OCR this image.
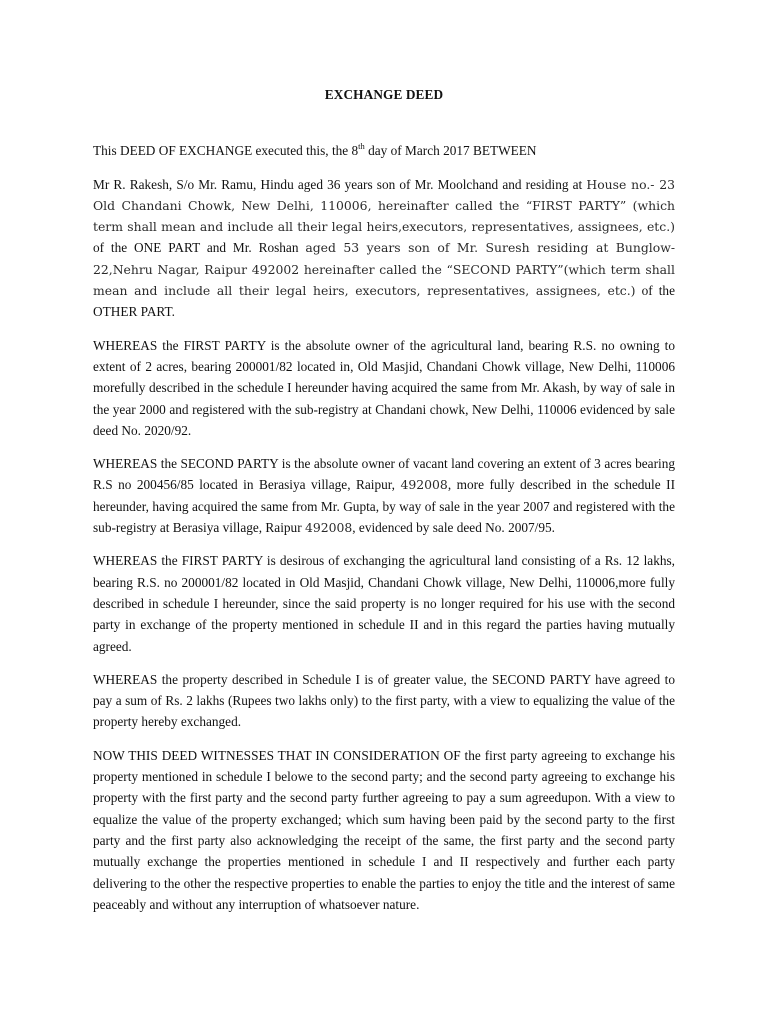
EXCHANGE DEED

This DEED OF EXCHANGE executed this, the 8th day of March 2017 BETWEEN

Mr R. Rakesh, S/o Mr. Ramu, Hindu aged 36 years son of Mr. Moolchand and residing at House no.- 23 Old Chandani Chowk, New Delhi, 110006, hereinafter called the “FIRST PARTY” (which term shall mean and include all their legal heirs,executors, representatives, assignees, etc.) of the ONE PART and Mr. Roshan aged 53 years son of Mr. Suresh residing at Bunglow-22,Nehru Nagar, Raipur 492002 hereinafter called the “SECOND PARTY”(which term shall mean and include all their legal heirs, executors, representatives, assignees, etc.) of the OTHER PART.

WHEREAS the FIRST PARTY is the absolute owner of the agricultural land, bearing R.S. no owning to extent of 2 acres, bearing 200001/82 located in, Old Masjid, Chandani Chowk village, New Delhi, 110006 morefully described in the schedule I hereunder having acquired the same from Mr. Akash, by way of sale in the year 2000 and registered with the sub-registry at Chandani chowk, New Delhi, 110006 evidenced by sale deed No. 2020/92.

WHEREAS the SECOND PARTY is the absolute owner of vacant land covering an extent of 3 acres bearing R.S no 200456/85 located in Berasiya village, Raipur, 492008, more fully described in the schedule II hereunder, having acquired the same from Mr. Gupta, by way of sale in the year 2007 and registered with the sub-registry at Berasiya village, Raipur 492008, evidenced by sale deed No. 2007/95.

WHEREAS the FIRST PARTY is desirous of exchanging the agricultural land consisting of a Rs. 12 lakhs, bearing R.S. no 200001/82 located in Old Masjid, Chandani Chowk village, New Delhi, 110006,more fully described in schedule I hereunder, since the said property is no longer required for his use with the second party in exchange of the property mentioned in schedule II and in this regard the parties having mutually agreed.

WHEREAS the property described in Schedule I is of greater value, the SECOND PARTY have agreed to pay a sum of Rs. 2 lakhs (Rupees two lakhs only) to the first party, with a view to equalizing the value of the property hereby exchanged.

NOW THIS DEED WITNESSES THAT IN CONSIDERATION OF the first party agreeing to exchange his property mentioned in schedule I belowe to the second party; and the second party agreeing to exchange his property with the first party and the second party further agreeing to pay a sum agreedupon. With a view to equalize the value of the property exchanged; which sum having been paid by the second party to the first party and the first party also acknowledging the receipt of the same, the first party and the second party mutually exchange the properties mentioned in schedule I and II respectively and further each party delivering to the other the respective properties to enable the parties to enjoy the title and the interest of same peaceably and without any interruption of whatsoever nature.
